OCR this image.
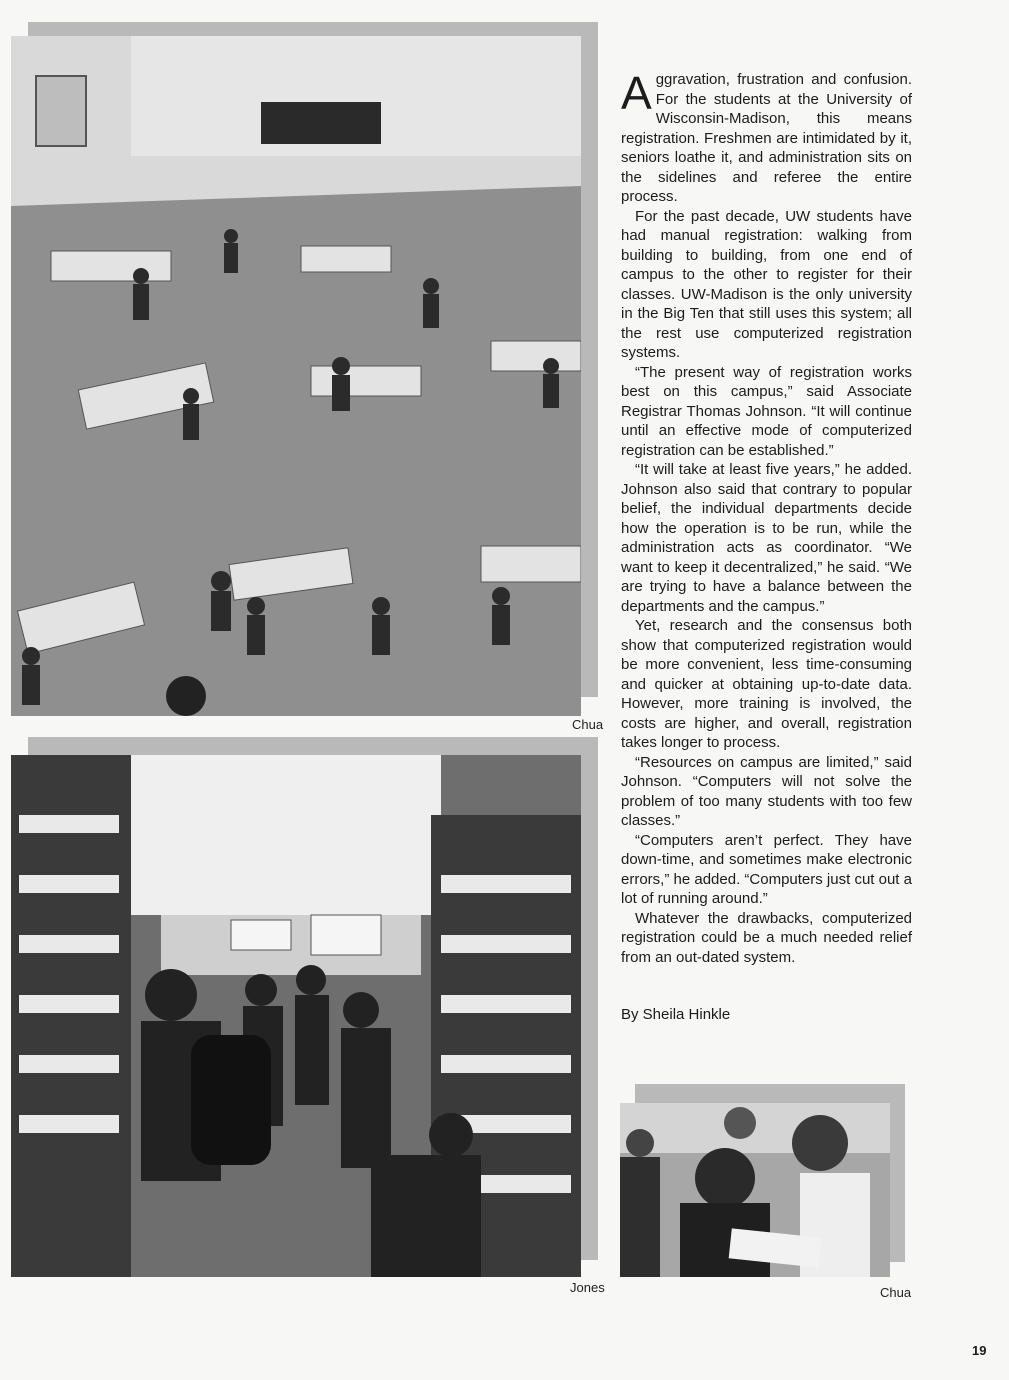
Chua
Jones	Chua

Aggravation, frustration and confusion. For the students at the University of Wisconsin-Madison, this means registration. Freshmen are intimidated by it, seniors loathe it, and administration sits on the sidelines and referee the entire process.

For the past decade, UW students have had manual registration: walking from building to building, from one end of campus to the other to register for their classes. UW-Madison is the only university in the Big Ten that still uses this system; all the rest use computerized registration systems.

“The present way of registration works best on this campus,” said Associate Registrar Thomas Johnson. “It will continue until an effective mode of computerized registration can be established.”

“It will take at least five years,” he added. Johnson also said that contrary to popular belief, the individual departments decide how the operation is to be run, while the administration acts as coordinator. “We want to keep it decentralized,” he said. “We are trying to have a balance between the departments and the campus.”

Yet, research and the consensus both show that computerized registration would be more convenient, less time-consuming and quicker at obtaining up-to-date data. However, more training is involved, the costs are higher, and overall, registration takes longer to process.

“Resources on campus are limited,” said Johnson. “Computers will not solve the problem of too many students with too few classes.”

“Computers aren’t perfect. They have down-time, and sometimes make electronic errors,” he added. “Computers just cut out a lot of running around.”

Whatever the drawbacks, computerized registration could be a much needed relief from an out-dated system.

By Sheila Hinkle
19
